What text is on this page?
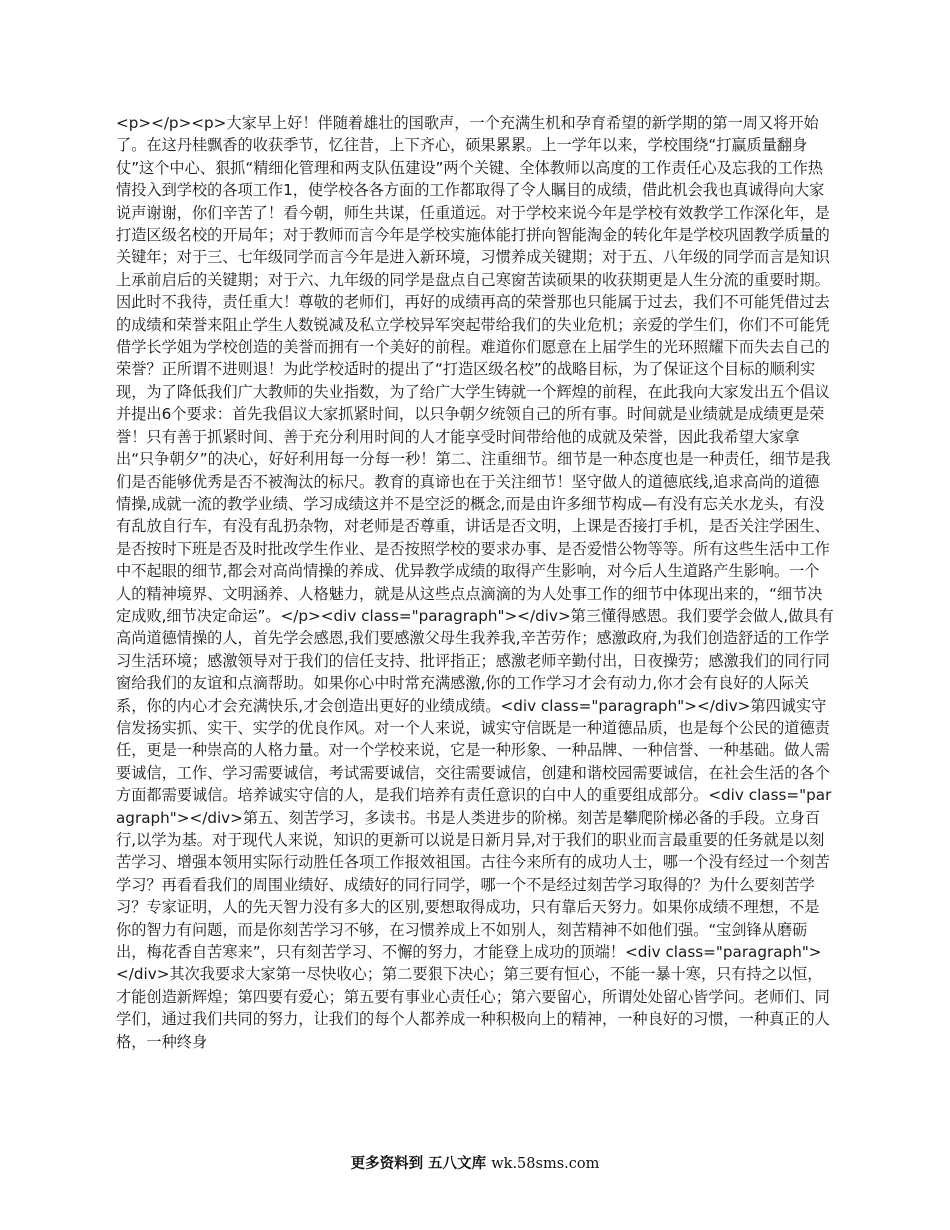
<p></p><p>大家早上好！伴随着雄壮的国歌声，一个充满生机和孕育希望的新学期的第一周又将开始了。在这丹桂飘香的收获季节，忆往昔，上下齐心，硕果累累。上一学年以来，学校围绕“打赢质量翻身仗”这个中心、狠抓“精细化管理和两支队伍建设”两个关键、全体教师以高度的工作责任心及忘我的工作热情投入到学校的各项工作1，使学校各各方面的工作都取得了令人瞩目的成绩，借此机会我也真诚得向大家说声谢谢，你们辛苦了！看今朝，师生共谋，任重道远。对于学校来说今年是学校有效教学工作深化年，是打造区级名校的开局年；对于教师而言今年是学校实施体能打拼向智能淘金的转化年是学校巩固教学质量的关键年；对于三、七年级同学而言今年是进入新环境，习惯养成关键期；对于五、八年级的同学而言是知识上承前启后的关键期；对于六、九年级的同学是盘点自己寒窗苦读硕果的收获期更是人生分流的重要时期。因此时不我待，责任重大！尊敬的老师们，再好的成绩再高的荣誉那也只能属于过去，我们不可能凭借过去的成绩和荣誉来阻止学生人数锐减及私立学校异军突起带给我们的失业危机；亲爱的学生们，你们不可能凭借学长学姐为学校创造的美誉而拥有一个美好的前程。难道你们愿意在上届学生的光环照耀下而失去自己的荣誉？正所谓不进则退！为此学校适时的提出了“打造区级名校”的战略目标，为了保证这个目标的顺利实现，为了降低我们广大教师的失业指数，为了给广大学生铸就一个辉煌的前程，在此我向大家发出五个倡议并提出6个要求：首先我倡议大家抓紧时间，以只争朝夕统领自己的所有事。时间就是业绩就是成绩更是荣誉！只有善于抓紧时间、善于充分利用时间的人才能享受时间带给他的成就及荣誉，因此我希望大家拿出“只争朝夕”的决心，好好利用每一分每一秒！第二、注重细节。细节是一种态度也是一种责任，细节是我们是否能够优秀是否不被淘汰的标尺。教育的真谛也在于关注细节！坚守做人的道德底线,追求高尚的道德情操,成就一流的教学业绩、学习成绩这并不是空泛的概念,而是由许多细节构成—有没有忘关水龙头，有没有乱放自行车，有没有乱扔杂物，对老师是否尊重，讲话是否文明，上课是否接打手机，是否关注学困生、是否按时下班是否及时批改学生作业、是否按照学校的要求办事、是否爱惜公物等等。所有这些生活中工作中不起眼的细节,都会对高尚情操的养成、优异教学成绩的取得产生影响，对今后人生道路产生影响。一个人的精神境界、文明涵养、人格魅力，就是从这些点点滴滴的为人处事工作的细节中体现出来的，“细节决定成败,细节决定命运”。</p><div class="paragraph"></div>第三懂得感恩。我们要学会做人,做具有高尚道德情操的人，首先学会感恩,我们要感激父母生我养我,辛苦劳作；感激政府,为我们创造舒适的工作学习生活环境；感激领导对于我们的信任支持、批评指正；感激老师辛勤付出，日夜操劳；感激我们的同行同窗给我们的友谊和点滴帮助。如果你心中时常充满感激,你的工作学习才会有动力,你才会有良好的人际关系，你的内心才会充满快乐,才会创造出更好的业绩成绩。<div class="paragraph"></div>第四诚实守信发扬实抓、实干、实学的优良作风。对一个人来说，诚实守信既是一种道德品质，也是每个公民的道德责任，更是一种崇高的人格力量。对一个学校来说，它是一种形象、一种品牌、一种信誉、一种基础。做人需要诚信，工作、学习需要诚信，考试需要诚信，交往需要诚信，创建和谐校园需要诚信，在社会生活的各个方面都需要诚信。培养诚实守信的人，是我们培养有责任意识的白中人的重要组成部分。<div class="paragraph"></div>第五、刻苦学习，多读书。书是人类进步的阶梯。刻苦是攀爬阶梯必备的手段。立身百行,以学为基。对于现代人来说，知识的更新可以说是日新月异,对于我们的职业而言最重要的任务就是以刻苦学习、增强本领用实际行动胜任各项工作报效祖国。古往今来所有的成功人士，哪一个没有经过一个刻苦学习？再看看我们的周围业绩好、成绩好的同行同学，哪一个不是经过刻苦学习取得的？为什么要刻苦学习？专家证明，人的先天智力没有多大的区别,要想取得成功，只有靠后天努力。如果你成绩不理想，不是你的智力有问题，而是你刻苦学习不够，在习惯养成上不如别人，刻苦精神不如他们强。“宝剑锋从磨砺出，梅花香自苦寒来”，只有刻苦学习、不懈的努力，才能登上成功的顶端！<div class="paragraph"></div>其次我要求大家第一尽快收心；第二要狠下决心；第三要有恒心，不能一暴十寒，只有持之以恒，才能创造新辉煌；第四要有爱心；第五要有事业心责任心；第六要留心，所谓处处留心皆学问。老师们、同学们，通过我们共同的努力，让我们的每个人都养成一种积极向上的精神，一种良好的习惯，一种真正的人格，一种终身

更多资料到 五八文库 wk.58sms.com
